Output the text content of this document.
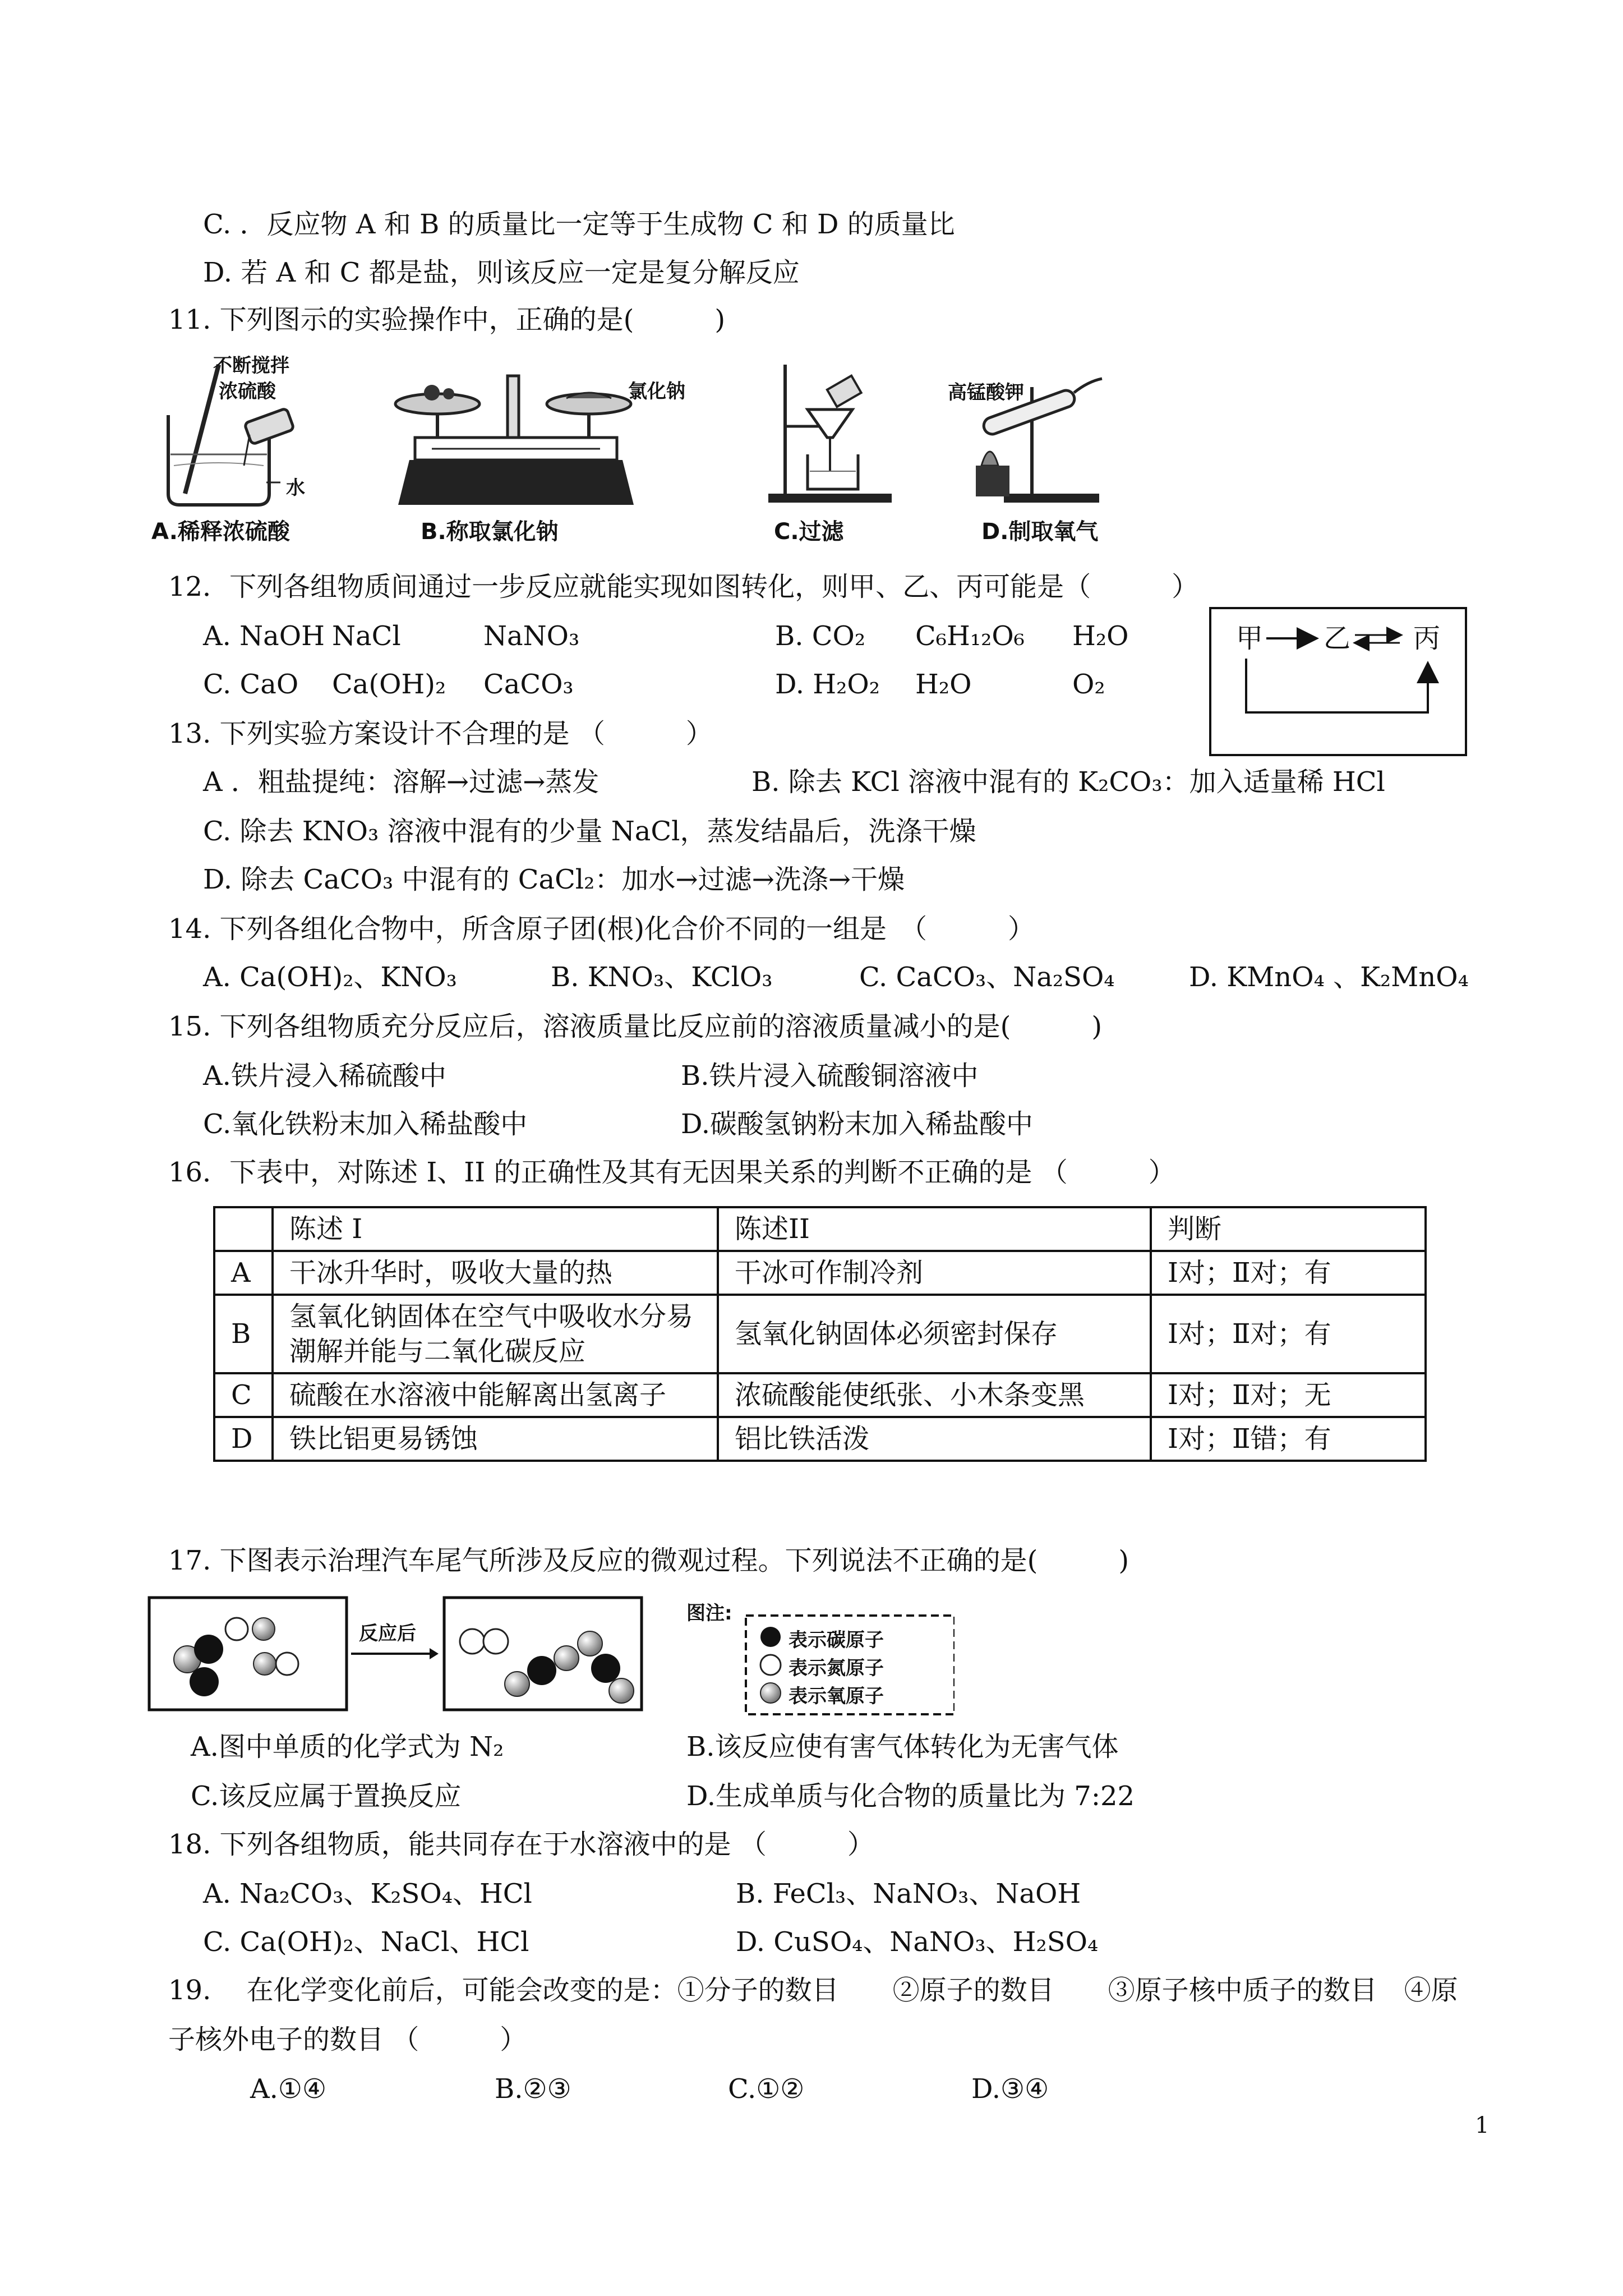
C. ．反应物 A 和 B 的质量比一定等于生成物 C 和 D 的质量比
D. 若 A 和 C 都是盐，则该反应一定是复分解反应
11. 下列图示的实验操作中，正确的是(　　　)
不断搅拌
浓硫酸
水
A.稀释浓硫酸
氯化钠
B.称取氯化钠	C.过滤
高锰酸钾
D.制取氧气
12．下列各组物质间通过一步反应就能实现如图转化，则甲、乙、丙可能是（　　　）
A. NaOH NaCl	NaNO₃	B. CO₂ C₆H₁₂O₆ H₂O
C. CaO Ca(OH)₂ CaCO₃	D. H₂O₂ H₂O	O₂
甲 乙 丙
13. 下列实验方案设计不合理的是 （　　　）
A ．粗盐提纯：溶解→过滤→蒸发	B. 除去 KCl 溶液中混有的 K₂CO₃：加入适量稀 HCl
C. 除去 KNO₃ 溶液中混有的少量 NaCl，蒸发结晶后，洗涤干燥
D. 除去 CaCO₃ 中混有的 CaCl₂：加水→过滤→洗涤→干燥
14. 下列各组化合物中，所含原子团(根)化合价不同的一组是　（　　　）
A. Ca(OH)₂、KNO₃	B. KNO₃、KClO₃	C. CaCO₃、Na₂SO₄	D. KMnO₄ 、K₂MnO₄
15. 下列各组物质充分反应后，溶液质量比反应前的溶液质量减小的是(　　　)
A.铁片浸入稀硫酸中	B.铁片浸入硫酸铜溶液中
C.氧化铁粉末加入稀盐酸中	D.碳酸氢钠粉末加入稀盐酸中
16．下表中，对陈述 I、II 的正确性及其有无因果关系的判断不正确的是 （　　　）
	陈述 I	陈述II	判断
A	干冰升华时，吸收大量的热	干冰可作制冷剂	Ⅰ对；Ⅱ对；有
B	氢氧化钠固体在空气中吸收水分易潮解并能与二氧化碳反应	氢氧化钠固体必须密封保存	Ⅰ对；Ⅱ对；有
C	硫酸在水溶液中能解离出氢离子	浓硫酸能使纸张、小木条变黑	Ⅰ对；Ⅱ对；无
D	铁比铝更易锈蚀	铝比铁活泼	Ⅰ对；Ⅱ错；有
17. 下图表示治理汽车尾气所涉及反应的微观过程。下列说法不正确的是(　　　)
反应后
图注:
表示碳原子
表示氮原子
表示氧原子
A.图中单质的化学式为 N₂	B.该反应使有害气体转化为无害气体
C.该反应属于置换反应	D.生成单质与化合物的质量比为 7:22
18. 下列各组物质，能共同存在于水溶液中的是 （　　　）
A. Na₂CO₃、K₂SO₄、HCl	B. FeCl₃、NaNO₃、NaOH
C. Ca(OH)₂、NaCl、HCl	D. CuSO₄、NaNO₃、H₂SO₄
19. 　在化学变化前后，可能会改变的是：①分子的数目　　②原子的数目　　③原子核中质子的数目　④原
子核外电子的数目 （　　　）
A.①④	B.②③	C.①②	D.③④
1
